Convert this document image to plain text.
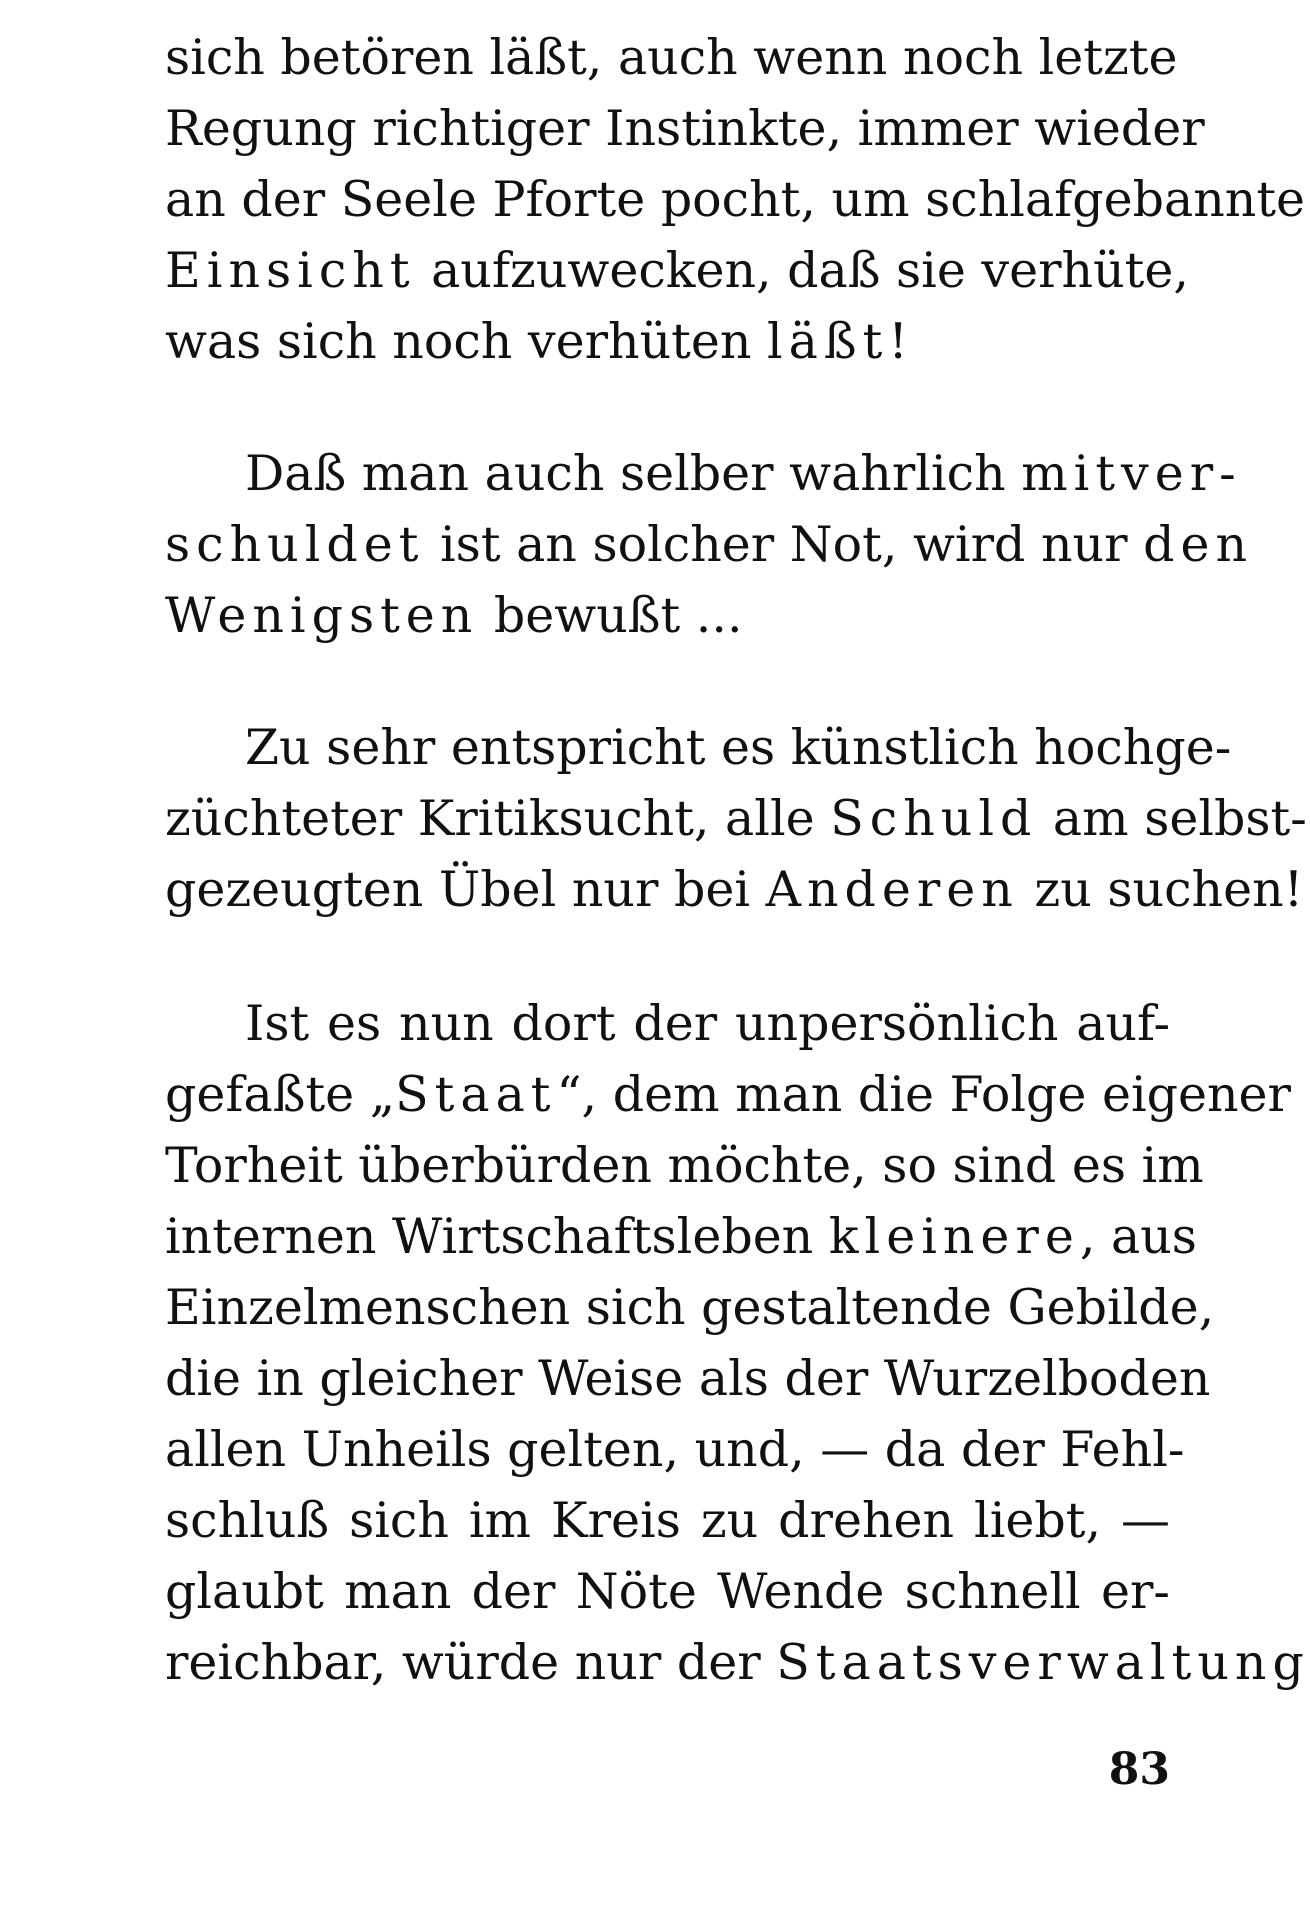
sich betören läßt, auch wenn noch letzte
Regung richtiger Instinkte, immer wieder
an der Seele Pforte pocht, um schlafgebannte
Einsicht aufzuwecken, daß sie verhüte,
was sich noch verhüten läßt!
Daß man auch selber wahrlich mitver-
schuldet ist an solcher Not, wird nur den
Wenigsten bewußt ...
Zu sehr entspricht es künstlich hochge-
züchteter Kritiksucht, alle Schuld am selbst-
gezeugten Übel nur bei Anderen zu suchen!
Ist es nun dort der unpersönlich auf-
gefaßte „Staat“, dem man die Folge eigener
Torheit überbürden möchte, so sind es im
internen Wirtschaftsleben kleinere, aus
Einzelmenschen sich gestaltende Gebilde,
die in gleicher Weise als der Wurzelboden
allen Unheils gelten, und, — da der Fehl-
schluß sich im Kreis zu drehen liebt, —
glaubt man der Nöte Wende schnell er-
reichbar, würde nur der Staatsverwaltung
83
